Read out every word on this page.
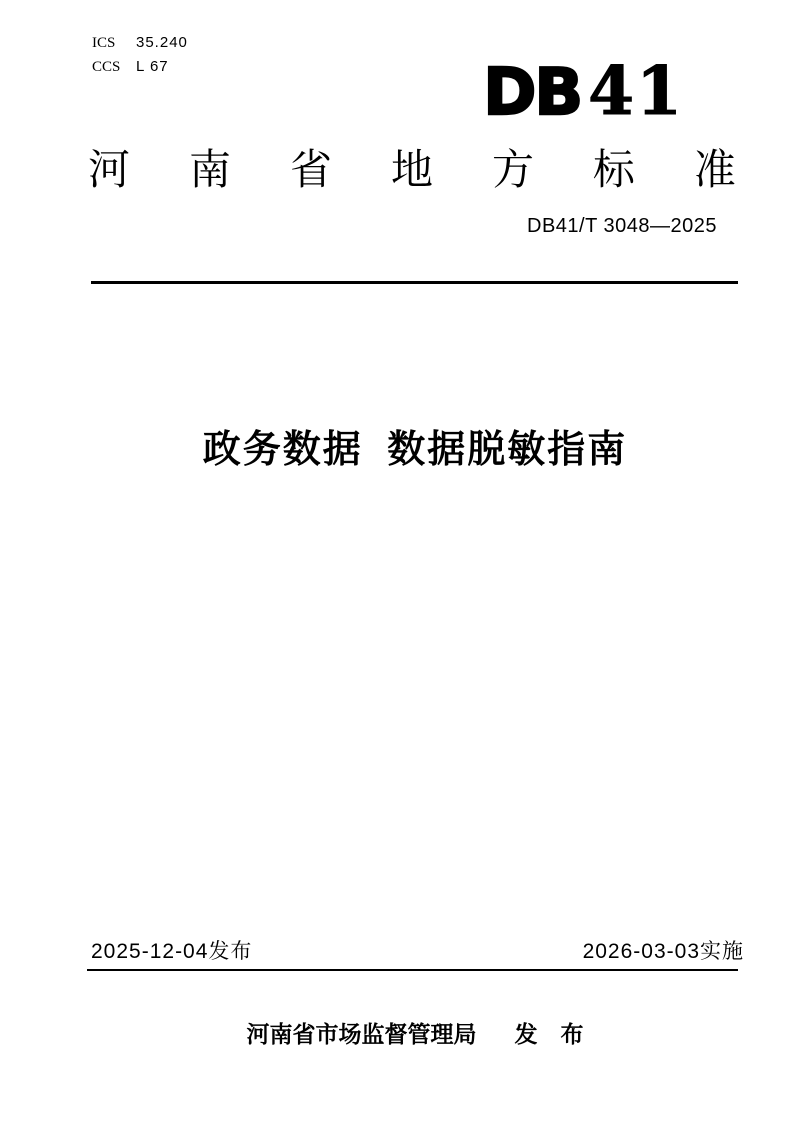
ICS 35.240
CCS L 67	DB 41
河 南 省 地 方 标 准
DB41/T 3048—2025
政务数据 数据脱敏指南
2025-12-04发布	2026-03-03实施
河南省市场监督管理局 发　布
